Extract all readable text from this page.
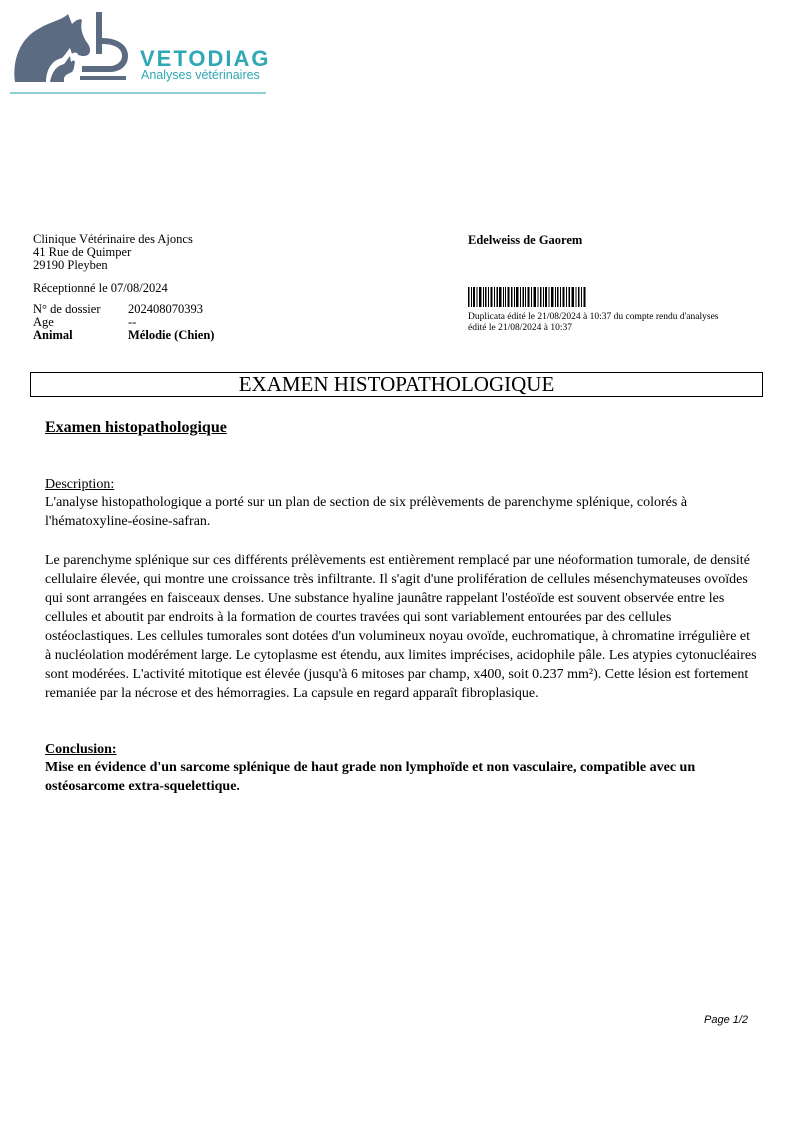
VETODIAG
Analyses vétérinaires
Clinique Vétérinaire des Ajoncs
41 Rue de Quimper
29190 Pleyben
Réceptionné le 07/08/2024
N° de dossier 202408070393
Age	--
Animal	Mélodie (Chien)
Edelweiss de Gaorem
Duplicata édité le 21/08/2024 à 10:37 du compte rendu d'analyses édité le 21/08/2024 à 10:37
EXAMEN HISTOPATHOLOGIQUE
Examen histopathologique
Description:
L'analyse histopathologique a porté sur un plan de section de six prélèvements de parenchyme splénique, colorés à l'hématoxyline-éosine-safran.
Le parenchyme splénique sur ces différents prélèvements est entièrement remplacé par une néoformation tumorale, de densité cellulaire élevée, qui montre une croissance très infiltrante. Il s'agit d'une prolifération de cellules mésenchymateuses ovoïdes qui sont arrangées en faisceaux denses. Une substance hyaline jaunâtre rappelant l'ostéoïde est souvent observée entre les cellules et aboutit par endroits à la formation de courtes travées qui sont variablement entourées par des cellules ostéoclastiques. Les cellules tumorales sont dotées d'un volumineux noyau ovoïde, euchromatique, à chromatine irrégulière et à nucléolation modérément large. Le cytoplasme est étendu, aux limites imprécises, acidophile pâle. Les atypies cytonucléaires sont modérées. L'activité mitotique est élevée (jusqu'à 6 mitoses par champ, x400, soit 0.237 mm²). Cette lésion est fortement remaniée par la nécrose et des hémorragies. La capsule en regard apparaît fibroplasique.
Conclusion:
Mise en évidence d'un sarcome splénique de haut grade non lymphoïde et non vasculaire, compatible avec un ostéosarcome extra-squelettique.
Page 1/2
